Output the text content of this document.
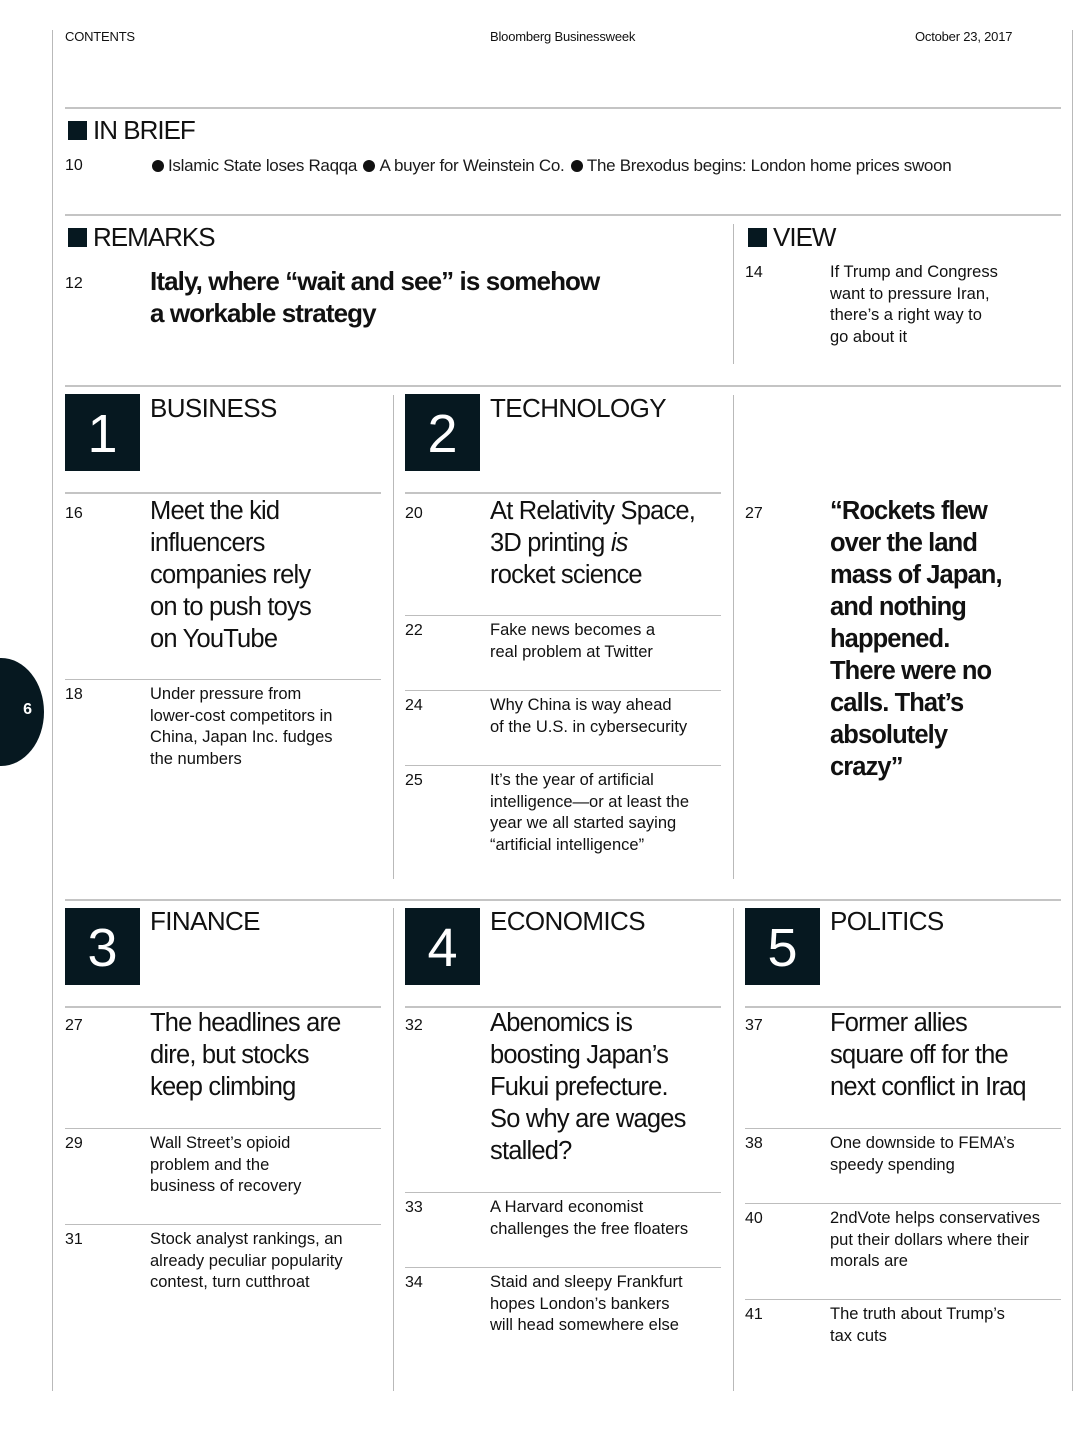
6
CONTENTS	Bloomberg Businessweek	October 23, 2017
IN BRIEF
10	Islamic State loses Raqqa A buyer for Weinstein Co. The Brexodus begins: London home prices swoon
REMARKS
12	Italy, where “wait and see” is somehow
a workable strategy
VIEW
14	If Trump and Congress
want to pressure Iran,
there’s a right way to
go about it
1	BUSINESS
16	Meet the kid
influencers
companies rely
on to push toys
on YouTube
18	Under pressure from
lower-cost competitors in
China, Japan Inc. fudges
the numbers
2	TECHNOLOGY
20	At Relativity Space,
3D printing is
rocket science
22	Fake news becomes a
real problem at Twitter
24	Why China is way ahead
of the U.S. in cybersecurity
25	It’s the year of artificial
intelligence—or at least the
year we all started saying
“artificial intelligence”
27	“Rockets flew
over the land
mass of Japan,
and nothing
happened.
There were no
calls. That’s
absolutely
crazy”
3	FINANCE
27	The headlines are
dire, but stocks
keep climbing
29	Wall Street’s opioid
problem and the
business of recovery
31	Stock analyst rankings, an
already peculiar popularity
contest, turn cutthroat
4	ECONOMICS
32	Abenomics is
boosting Japan’s
Fukui prefecture.
So why are wages
stalled?
33	A Harvard economist
challenges the free floaters
34	Staid and sleepy Frankfurt
hopes London’s bankers
will head somewhere else
5	POLITICS
37	Former allies
square off for the
next conflict in Iraq
38	One downside to FEMA’s
speedy spending
40	2ndVote helps conservatives
put their dollars where their
morals are
41	The truth about Trump’s
tax cuts
